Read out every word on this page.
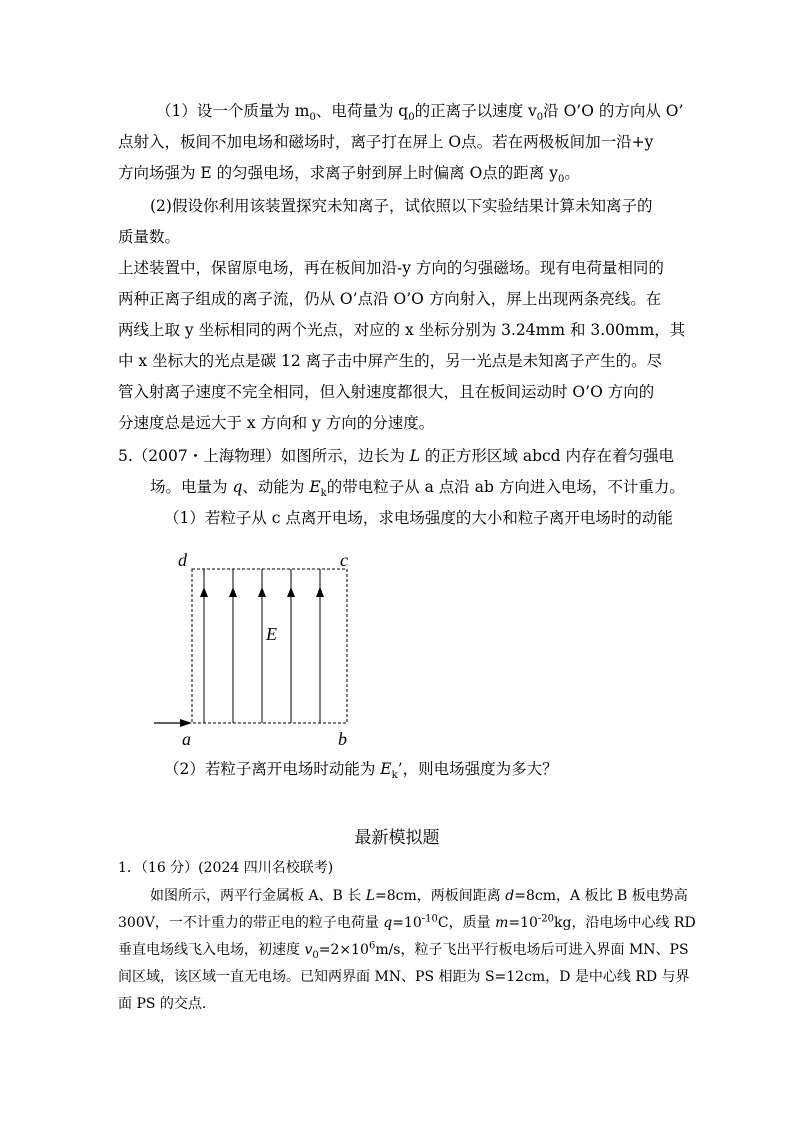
（1）设一个质量为 $m_0$、电荷量为 $q_0$的正离子以速度 $v_0$沿 O’O 的方向从 O’
点射入，板间不加电场和磁场时，离子打在屏上 O点。若在两极板间加一沿+y
方向场强为 E 的匀强电场，求离子射到屏上时偏离 O点的距离 $y_0$。
(2)假设你利用该装置探究未知离子，试依照以下实验结果计算未知离子的
质量数。
上述装置中，保留原电场，再在板间加沿-y 方向的匀强磁场。现有电荷量相同的
两种正离子组成的离子流，仍从 O’点沿 O’O 方向射入，屏上出现两条亮线。在
两线上取 y 坐标相同的两个光点，对应的 x 坐标分别为 3.24mm 和 3.00mm，其
中 x 坐标大的光点是碳 12 离子击中屏产生的，另一光点是未知离子产生的。尽
管入射离子速度不完全相同，但入射速度都很大，且在板间运动时 O’O 方向的
分速度总是远大于 x 方向和 y 方向的分速度。
5.（2007・上海物理）如图所示，边长为 L 的正方形区域 abcd 内存在着匀强电
场。电量为 q、动能为 $E_k$的带电粒子从 a 点沿 ab 方向进入电场，不计重力。
（1）若粒子从 c 点离开电场，求电场强度的大小和粒子离开电场时的动能
d	c
a	b
E
（2）若粒子离开电场时动能为 $E_k$’，则电场强度为多大？
最新模拟题
1．（16 分）(2024 四川名校联考)
如图所示，两平行金属板 A、B 长 L=8cm，两板间距离 d=8cm，A 板比 B 板电势高
300V，一不计重力的带正电的粒子电荷量 $q=10^{-10}C$，质量 $m=10^{-20}kg$，沿电场中心线 RD
垂直电场线飞入电场，初速度 $v_0=2\times 10^6m/s$，粒子飞出平行板电场后可进入界面 MN、PS
间区域，该区域一直无电场。已知两界面 MN、PS 相距为 S=12cm，D 是中心线 RD 与界
面 PS 的交点．
